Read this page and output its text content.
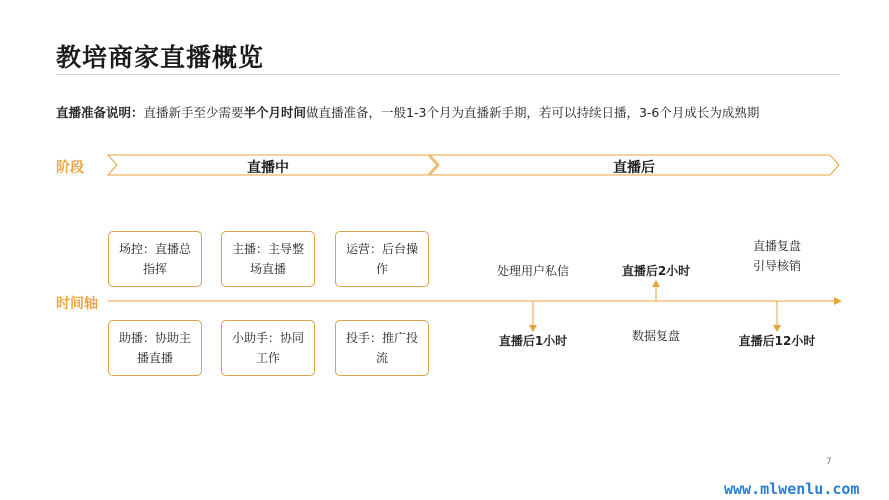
教培商家直播概览
直播准备说明：直播新手至少需要半个月时间做直播准备，一般1-3个月为直播新手期，若可以持续日播，3-6个月成长为成熟期
阶段
时间轴
直播中	直播后
场控：直播总指挥
主播：主导整场直播
运营：后台操作
助播：协助主播直播
小助手：协同工作
投手：推广投流
处理用户私信
直播后1小时
直播后2小时
数据复盘
直播复盘
引导核销
直播后12小时
7
www.mlwenlu.com
